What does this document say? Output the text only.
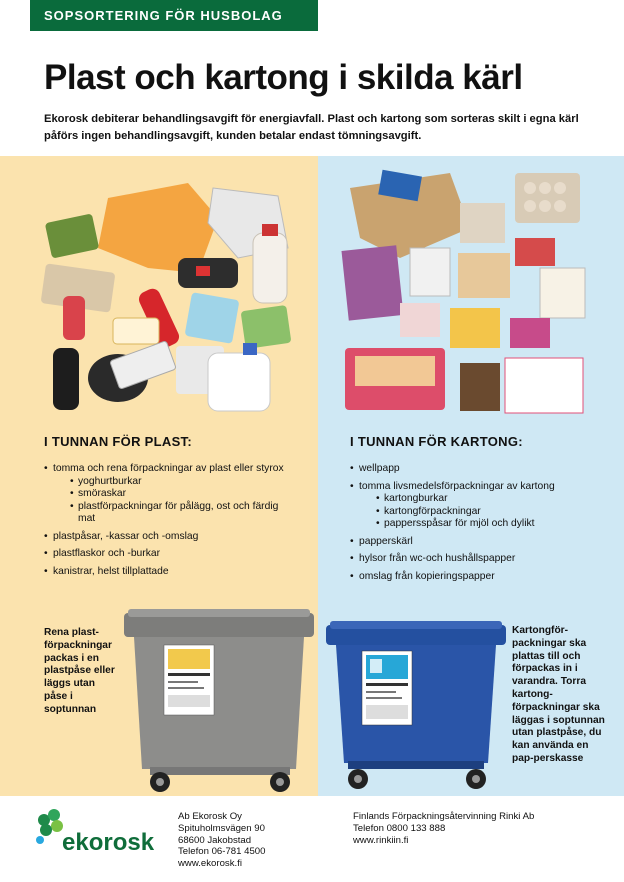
SOPSORTERING FÖR HUSBOLAG
Plast och kartong i skilda kärl
Ekorosk debiterar behandlingsavgift för energiavfall. Plast och kartong som sorteras skilt i egna kärl påförs ingen behandlingsavgift, kunden betalar endast tömningsavgift.
I TUNNAN FÖR PLAST:	I TUNNAN FÖR KARTONG:
• tomma och rena förpackningar av plast eller styrox
• yoghurtburkar
• smöraskar
• plastförpackningar för pålägg, ost och färdig mat
• plastpåsar, -kassar och -omslag
• plastflaskor och -burkar
• kanistrar, helst tillplattade
• wellpapp
• tomma livsmedelsförpackningar av kartong
• kartongburkar
• kartongförpackningar
• pappersspåsar för mjöl och dylikt
• papperskärl
• hylsor från wc-och hushållspapper
• omslag från kopieringspapper
Rena plast-förpackningar packas i en plastpåse eller läggs utan påse i soptunnan
Kartongför-packningar ska plattas till och förpackas in i varandra. Torra kartong-förpackningar ska läggas i soptunnan utan plastpåse, du kan använda en pap-perskasse
ekorosk
Ab Ekorosk Oy
Spituholmsvägen 90
68600 Jakobstad
Telefon 06-781 4500
www.ekorosk.fi
Finlands Förpackningsåtervinning Rinki Ab
Telefon 0800 133 888
www.rinkiin.fi
